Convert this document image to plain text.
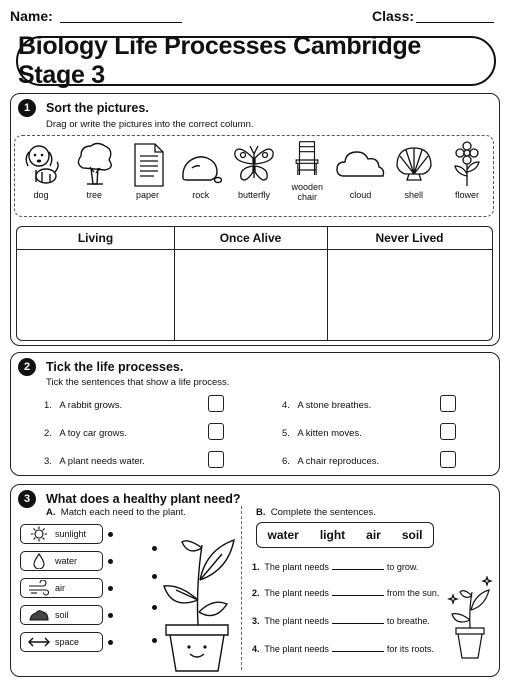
Name:	Class:
Biology Life Processes Cambridge Stage 3
1	Sort the pictures.
Drag or write the pictures into the correct column.
dog	tree	paper	rock	butterfly
wooden chair	cloud	shell	flower
Living	Once Alive	Never Lived
2	Tick the life processes.
Tick the sentences that show a life process.
1. A rabbit grows.
2. A toy car grows.
3. A plant needs water.
4. A stone breathes.
5. A kitten moves.
6. A chair reproduces.
3	What does a healthy plant need?
A. Match each need to the plant.
sunlight
water
air
soil
space
B. Complete the sentences.
water light air soil
1. The plant needs	to grow.
2. The plant needs	from the sun.
3. The plant needs	to breathe.
4. The plant needs	for its roots.
